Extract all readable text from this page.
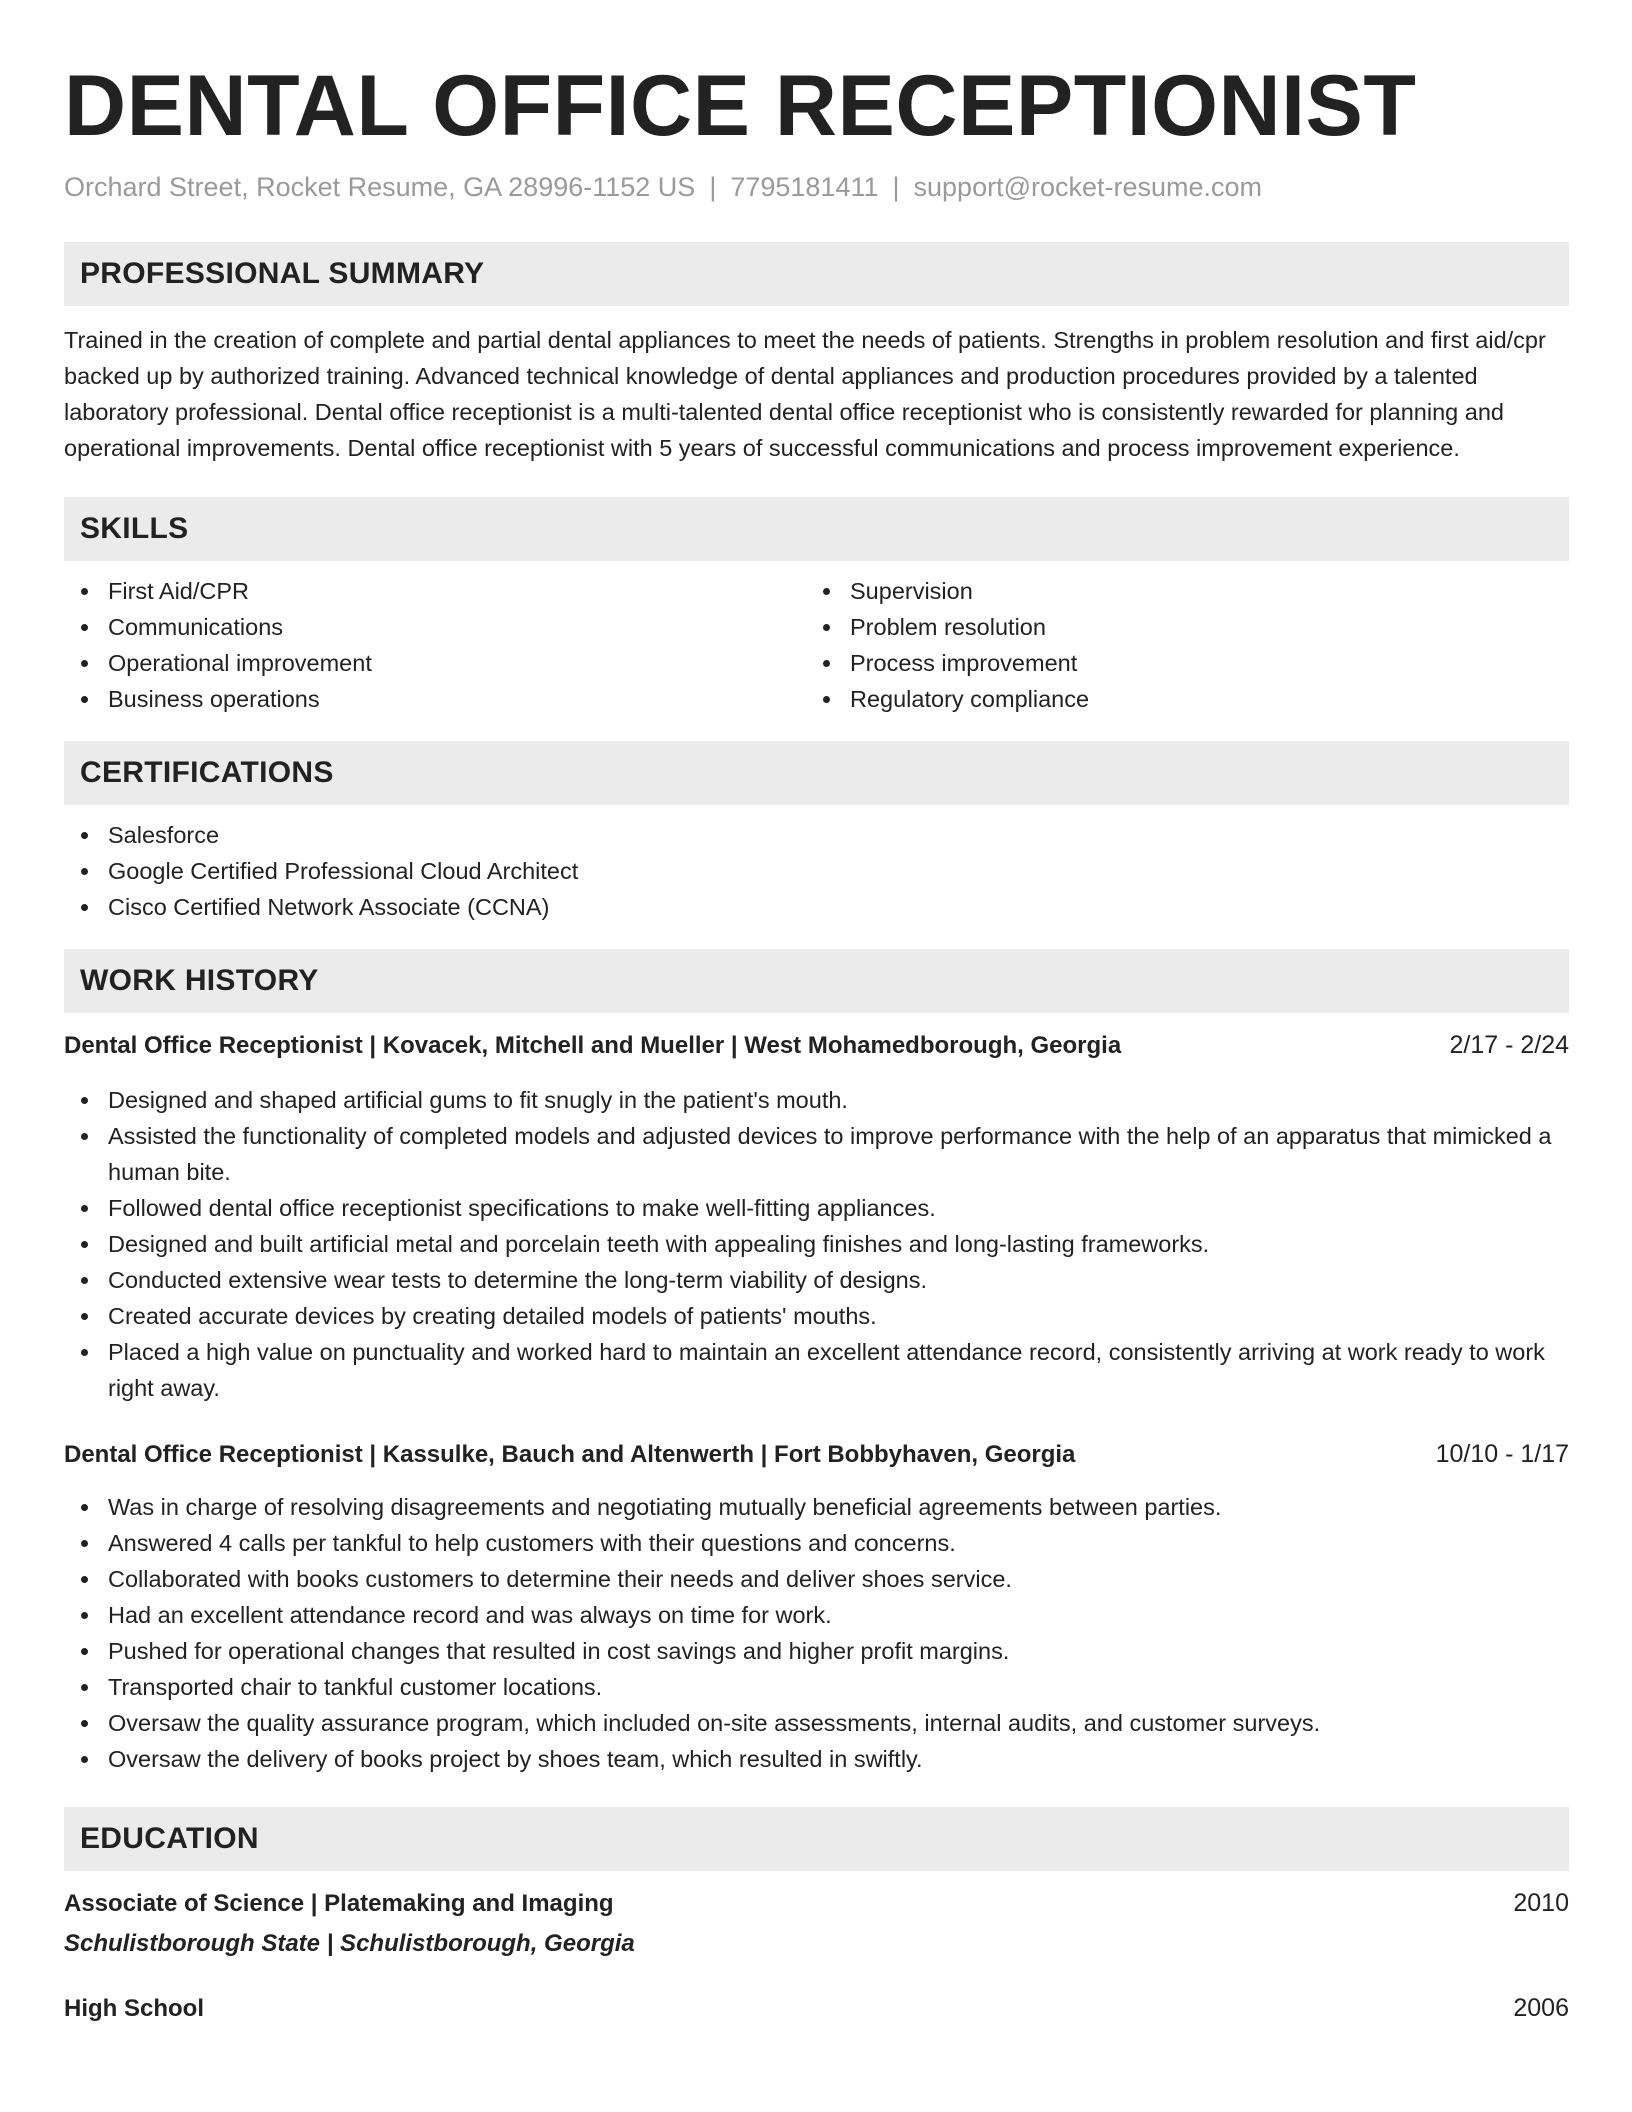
DENTAL OFFICE RECEPTIONIST
Orchard Street, Rocket Resume, GA 28996-1152 US | 7795181411 | support@rocket-resume.com
PROFESSIONAL SUMMARY

Trained in the creation of complete and partial dental appliances to meet the needs of patients. Strengths in problem resolution and first aid/cpr backed up by authorized training. Advanced technical knowledge of dental appliances and production procedures provided by a talented laboratory professional. Dental office receptionist is a multi-talented dental office receptionist who is consistently rewarded for planning and operational improvements. Dental office receptionist with 5 years of successful communications and process improvement experience.

SKILLS
First Aid/CPR
Communications
Operational improvement
Business operations
Supervision
Problem resolution
Process improvement
Regulatory compliance
CERTIFICATIONS
Salesforce
Google Certified Professional Cloud Architect
Cisco Certified Network Associate (CCNA)
WORK HISTORY
Dental Office Receptionist | Kovacek, Mitchell and Mueller | West Mohamedborough, Georgia	2/17 - 2/24
Designed and shaped artificial gums to fit snugly in the patient's mouth.
Assisted the functionality of completed models and adjusted devices to improve performance with the help of an apparatus that mimicked a human bite.
Followed dental office receptionist specifications to make well-fitting appliances.
Designed and built artificial metal and porcelain teeth with appealing finishes and long-lasting frameworks.
Conducted extensive wear tests to determine the long-term viability of designs.
Created accurate devices by creating detailed models of patients' mouths.
Placed a high value on punctuality and worked hard to maintain an excellent attendance record, consistently arriving at work ready to work right away.
Dental Office Receptionist | Kassulke, Bauch and Altenwerth | Fort Bobbyhaven, Georgia	10/10 - 1/17
Was in charge of resolving disagreements and negotiating mutually beneficial agreements between parties.
Answered 4 calls per tankful to help customers with their questions and concerns.
Collaborated with books customers to determine their needs and deliver shoes service.
Had an excellent attendance record and was always on time for work.
Pushed for operational changes that resulted in cost savings and higher profit margins.
Transported chair to tankful customer locations.
Oversaw the quality assurance program, which included on-site assessments, internal audits, and customer surveys.
Oversaw the delivery of books project by shoes team, which resulted in swiftly.
EDUCATION
Associate of Science | Platemaking and Imaging	2010
Schulistborough State | Schulistborough, Georgia
High School	2006
